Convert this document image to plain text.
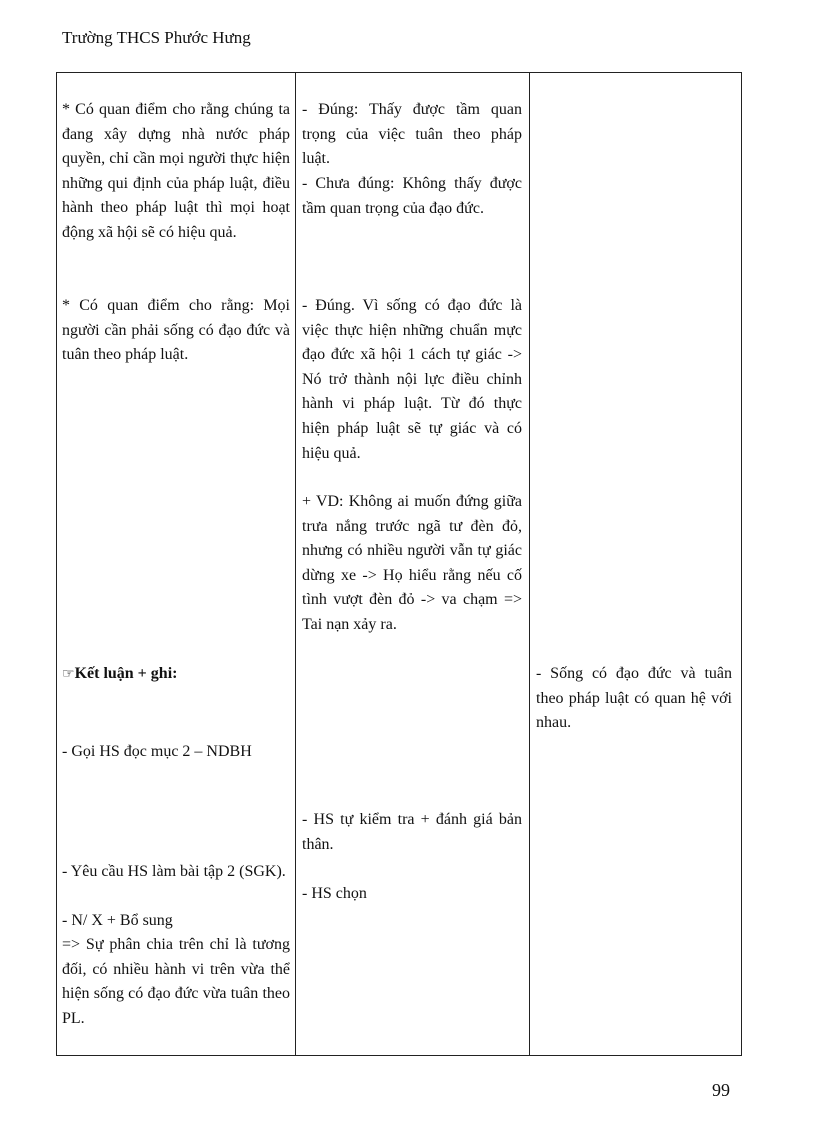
Trường THCS Phước Hưng
* Có quan điểm cho rằng chúng ta đang xây dựng nhà nước pháp quyền, chỉ cần mọi người thực hiện những qui định của pháp luật, điều hành theo pháp luật thì mọi hoạt động xã hội sẽ có hiệu quả.
* Có quan điểm cho rằng: Mọi người cần phải sống có đạo đức và tuân theo pháp luật.
☞Kết luận + ghi:
- Gọi HS đọc mục 2 – NDBH
- Yêu cầu HS làm bài tập 2 (SGK).
- N/ X + Bổ sung
=> Sự phân chia trên chỉ là tương đối, có nhiều hành vi trên vừa thể hiện sống có đạo đức vừa tuân theo PL.
- Đúng: Thấy được tầm quan trọng của việc tuân theo pháp luật.
- Chưa đúng: Không thấy được tầm quan trọng của đạo đức.
- Đúng. Vì sống có đạo đức là việc thực hiện những chuẩn mực đạo đức xã hội 1 cách tự giác -> Nó trở thành nội lực điều chỉnh hành vi pháp luật. Từ đó thực hiện pháp luật sẽ tự giác và có hiệu quả.
+ VD: Không ai muốn đứng giữa trưa nắng trước ngã tư đèn đỏ, nhưng có nhiều người vẫn tự giác dừng xe -> Họ hiểu rằng nếu cố tình vượt đèn đỏ -> va chạm => Tai nạn xảy ra.
- HS tự kiểm tra + đánh giá bản thân.
- HS chọn
- Sống có đạo đức và tuân theo pháp luật có quan hệ với nhau.
99
